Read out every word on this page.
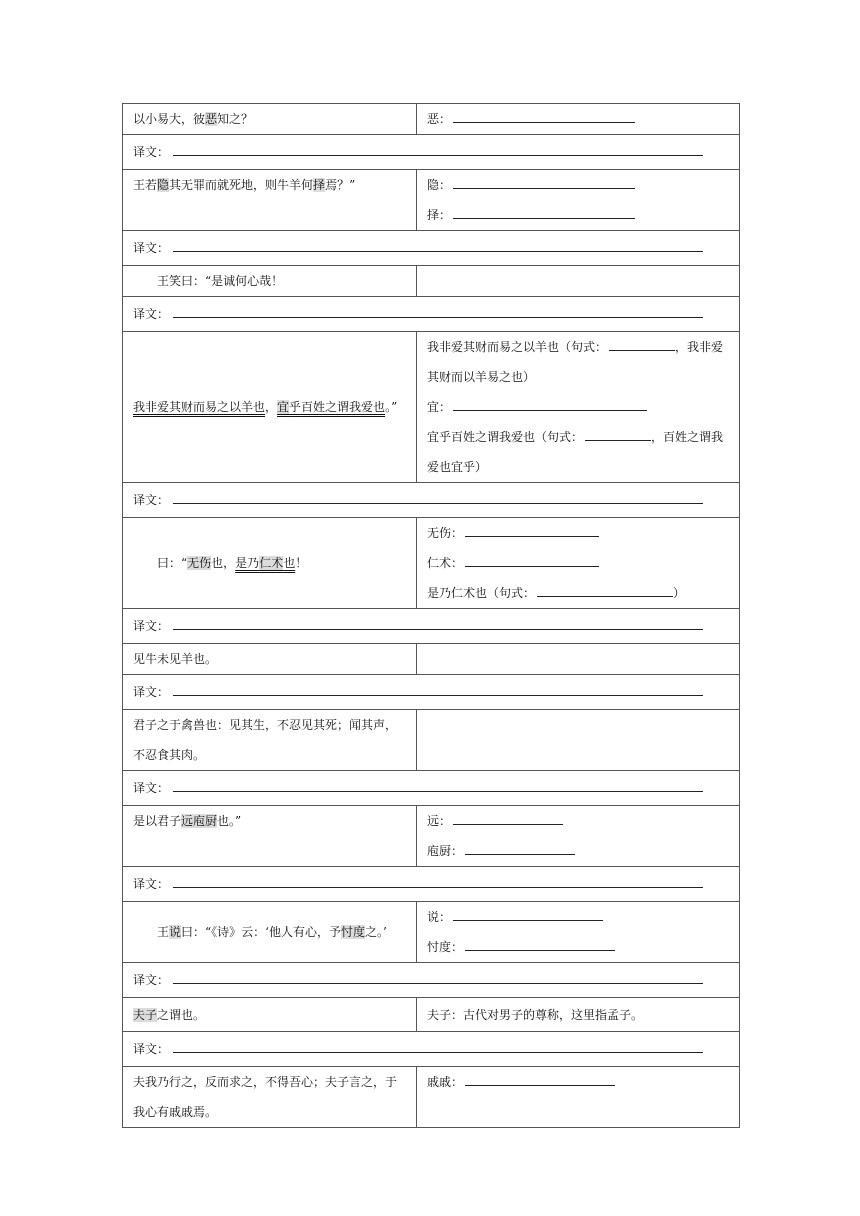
以小易大，彼恶知之？	恶：
译文：	
王若隐其无罪而就死地，则牛羊何择焉？”	隐：
择：

译文：	
王笑曰：“是诚何心哉！	
译文：	
我非爱其财而易之以羊也，宜乎百姓之谓我爱也。”	我非爱其财而易之以羊也（句式： ，我非爱其财而以羊易之也）
宜：
宜乎百姓之谓我爱也（句式： ，百姓之谓我爱也宜乎）

译文：	
曰：“无伤也，是乃仁术也！	无伤：
仁术：
是乃仁术也（句式： ）

译文：	
见牛未见羊也。	
译文：	
君子之于禽兽也：见其生，不忍见其死；闻其声，不忍食其肉。	
译文：	
是以君子远庖厨也。”	远：
庖厨：

译文：	
王说曰：“《诗》云：‘他人有心，予忖度之。’	说：
忖度：

译文：	
夫子之谓也。	夫子：古代对男子的尊称，这里指孟子。
译文：	
夫我乃行之，反而求之，不得吾心；夫子言之，于我心有戚戚焉。	戚戚：
